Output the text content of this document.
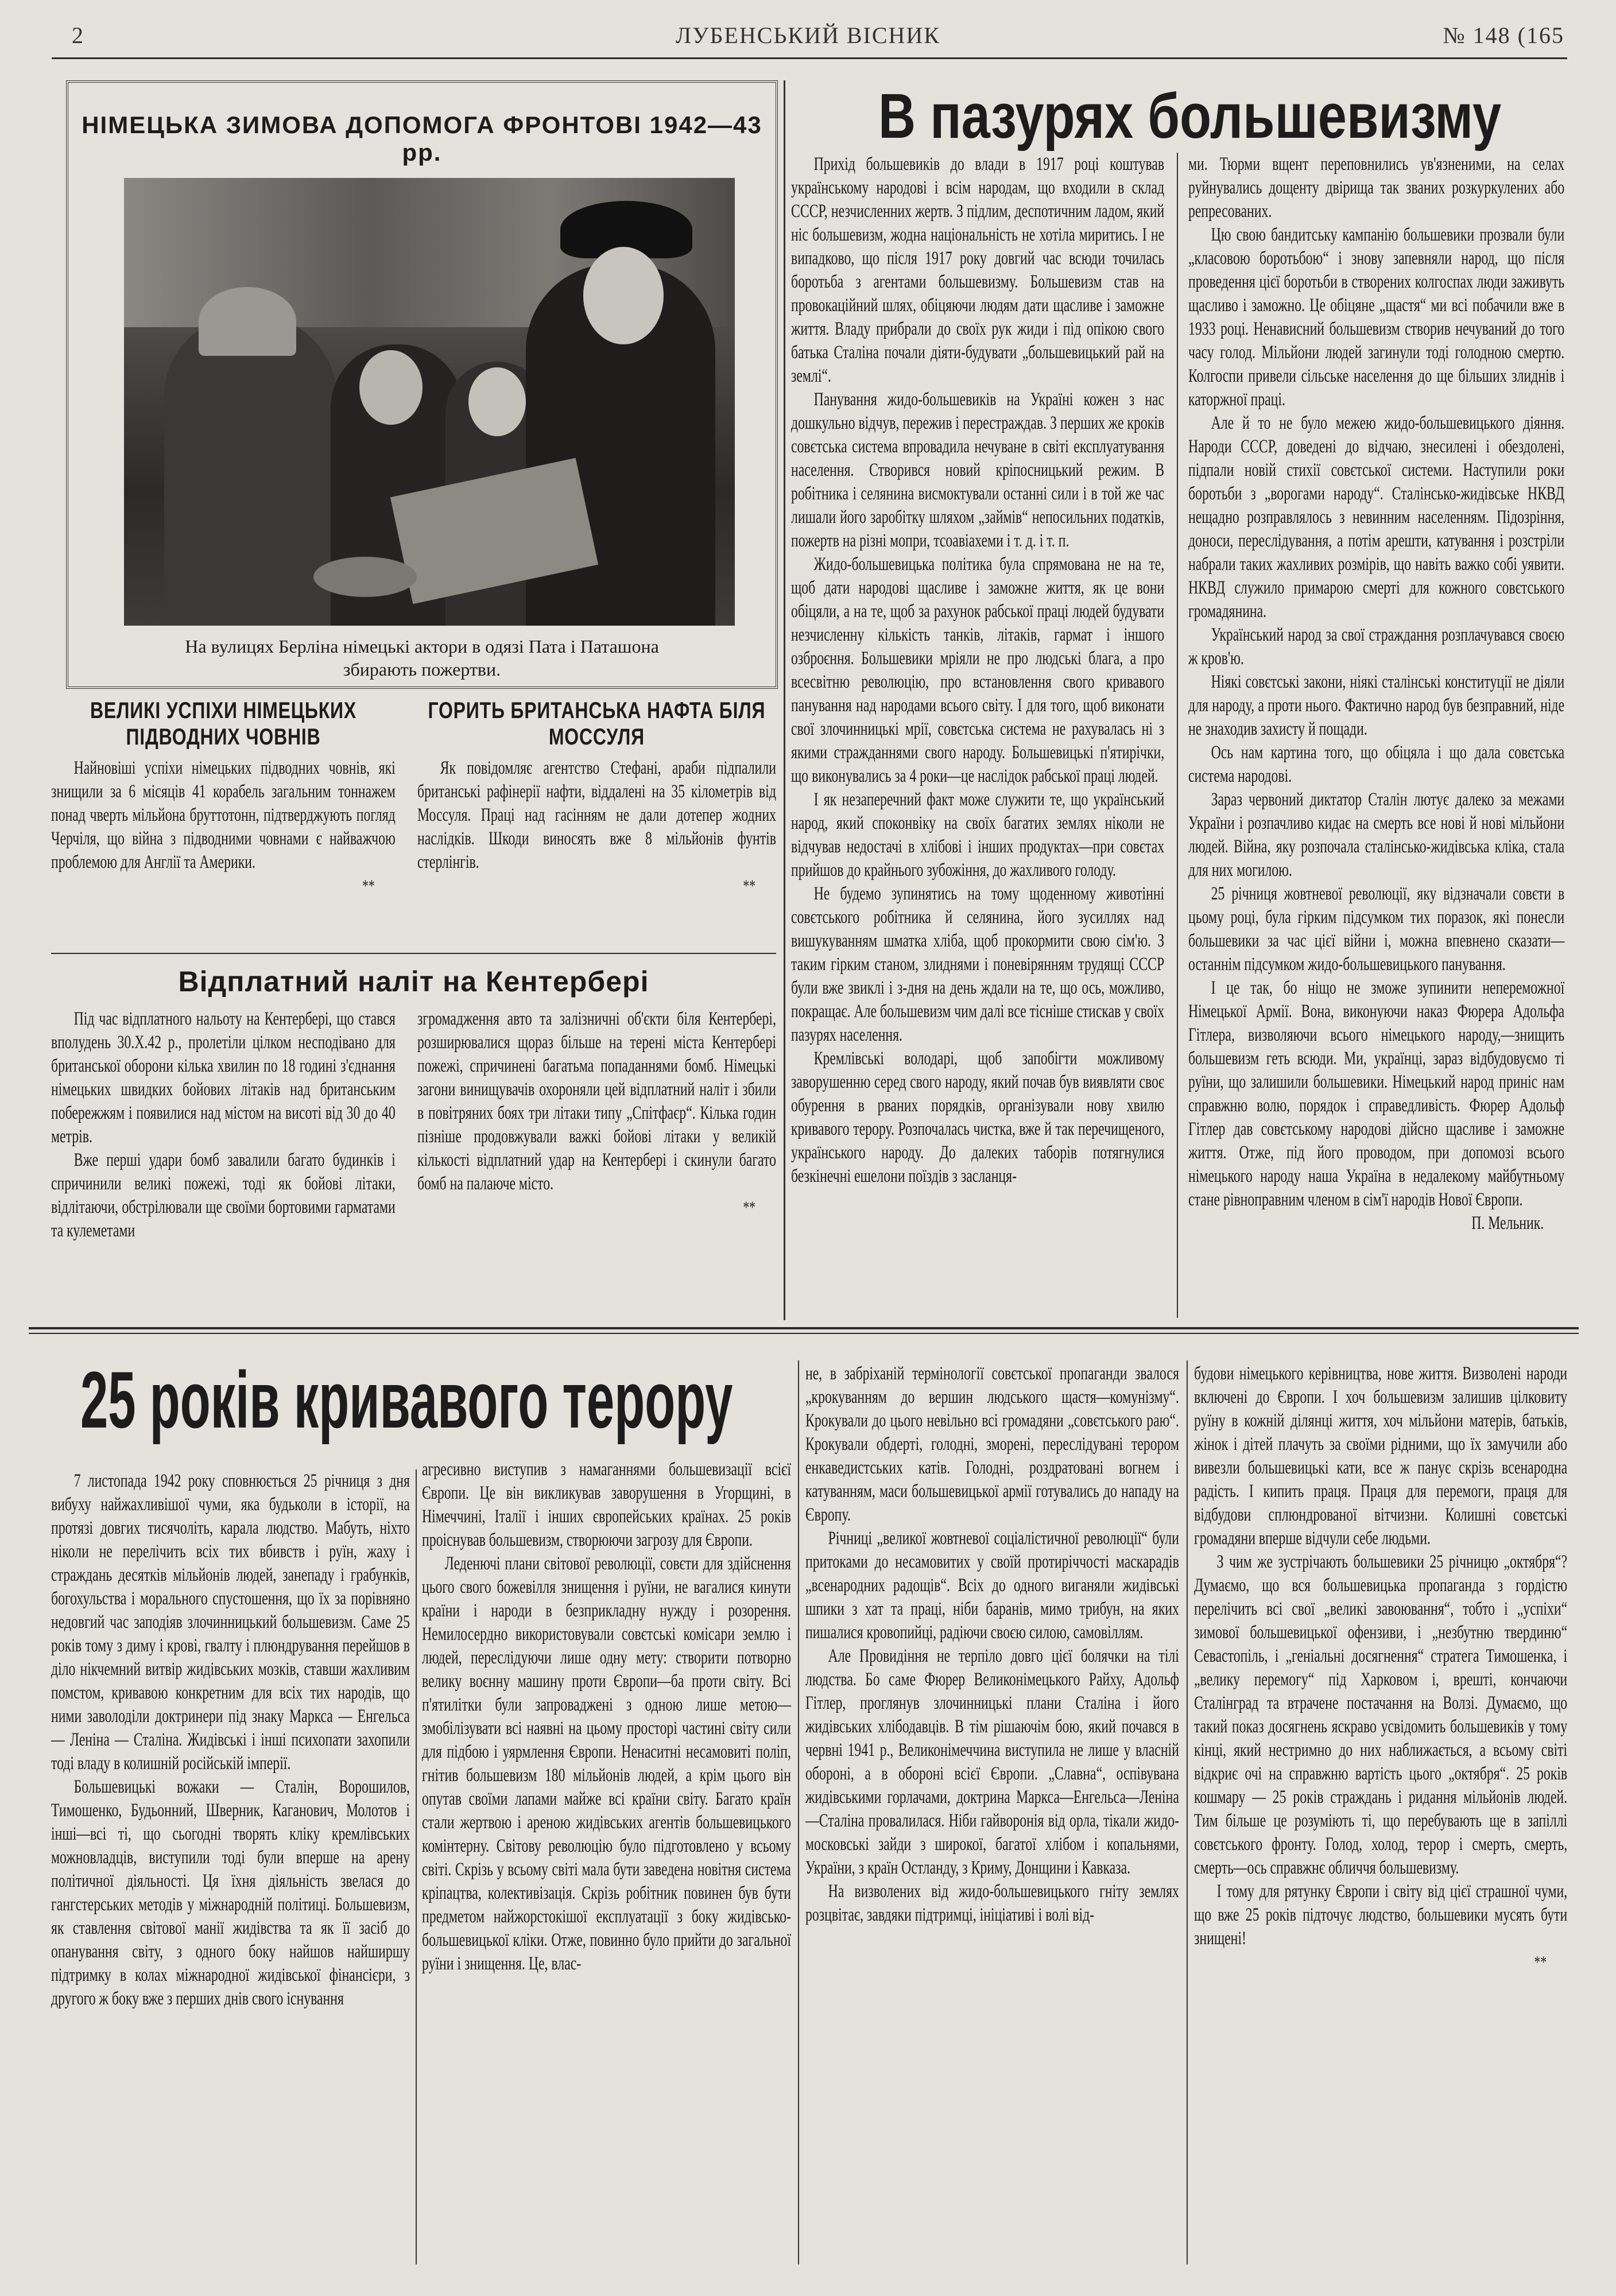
2	ЛУБЕНСЬКИЙ ВІСНИК	№ 148 (165
НІМЕЦЬКА ЗИМОВА ДОПОМОГА ФРОНТОВІ 1942—43 рр.
На вулицях Берліна німецькі актори в одязі Пата і Паташона
збирають пожертви.
ВЕЛИКІ УСПІХИ НІМЕЦЬКИХ ПІДВОДНИХ ЧОВНІВ

Найновіші успіхи німецьких підводних човнів, які знищили за 6 місяців 41 корабель загальним тоннажем понад чверть мільйона бруттотонн, підтверджують погляд Черчіля, що війна з підводними човнами є найважчою проблемою для Англії та Америки.

**
ГОРИТЬ БРИТАНСЬКА НАФТА БІЛЯ МОССУЛЯ

Як повідомляє агентство Стефані, араби підпалили британські рафінерії нафти, віддалені на 35 кілометрів від Моссуля. Праці над гасінням не дали дотепер жодних наслідків. Шкоди виносять вже 8 мільйонів фунтів стерлінгів.

**
Відплатний наліт на Кентербері

Під час відплатного нальоту на Кентербері, що стався вполудень 30.X.42 р., пролетіли цілком несподівано для британської оборони кілька хвилин по 18 годині з'єднання німецьких швидких бойових літаків над британським побережжям і появилися над містом на висоті від 30 до 40 метрів.

Вже перші удари бомб завалили багато будинків і спричинили великі пожежі, тоді як бойові літаки, відлітаючи, обстрілювали ще своїми бортовими гарматами та кулеметами

згромадження авто та залізничні об'єкти біля Кентербері, розширювалися щораз більше на терені міста Кентербері пожежі, спричинені багатьма попаданнями бомб. Німецькі загони винищувачів охороняли цей відплатний наліт і збили в повітряних боях три літаки типу „Спітфаєр“. Кілька годин пізніше продовжували важкі бойові літаки у великій кількості відплатний удар на Кентербері і скинули багато бомб на палаюче місто.

**
В пазурях большевизму

Прихід большевиків до влади в 1917 році коштував українському народові і всім народам, що входили в склад СССР, незчисленних жертв. З підлим, деспотичним ладом, який ніс большевизм, жодна національність не хотіла миритись. І не випадково, що після 1917 року довгий час всюди точилась боротьба з агентами большевизму. Большевизм став на провокаційний шлях, обіцяючи людям дати щасливе і заможне життя. Владу прибрали до своїх рук жиди і під опікою свого батька Сталіна почали діяти-будувати „большевицький рай на землі“.

Панування жидо-большевиків на Україні кожен з нас дошкульно відчув, пережив і перестраждав. З перших же кроків совєтська система впровадила нечуване в світі експлуатування населення. Створився новий кріпосницький режим. В робітника і селянина висмоктували останні сили і в той же час лишали його заробітку шляхом „займів“ непосильних податків, пожертв на різні мопри, тсоавіахеми і т. д. і т. п.

Жидо-большевицька політика була спрямована не на те, щоб дати народові щасливе і заможне життя, як це вони обіцяли, а на те, щоб за рахунок рабської праці людей будувати незчисленну кількість танків, літаків, гармат і іншого озброєння. Большевики мріяли не про людські блага, а про всесвітню революцію, про встановлення свого кривавого панування над народами всього світу. І для того, щоб виконати свої злочинницькі мрії, совєтська система не рахувалась ні з якими стражданнями свого народу. Большевицькі п'ятирічки, що виконувались за 4 роки—це наслідок рабської праці людей.

І як незаперечний факт може служити те, що український народ, який споконвіку на своїх багатих землях ніколи не відчував недостачі в хлібові і інших продуктах—при совєтах прийшов до крайнього зубожіння, до жахливого голоду.

Не будемо зупинятись на тому щоденному животінні совєтського робітника й селянина, його зусиллях над вишукуванням шматка хліба, щоб прокормити свою сім'ю. З таким гірким станом, злиднями і поневірянням трудящі СССР були вже звиклі і з-дня на день ждали на те, що ось, можливо, покращає. Але большевизм чим далі все тісніше стискав у своїх пазурях населення.

Кремлівські володарі, щоб запобігти можливому заворушенню серед свого народу, який почав був виявляти своє обурення в рваних порядків, організували нову хвилю кривавого терору. Розпочалась чистка, вже й так перечищеного, українського народу. До далеких таборів потягнулися безкінечні ешелони поїздів з засланця-

ми. Тюрми вщент переповнились ув'язненими, на селах руйнувались дощенту двірища так званих розкуркулених або репресованих.

Цю свою бандитську кампанію большевики прозвали були „класовою боротьбою“ і знову запевняли народ, що після проведення цієї боротьби в створених колгоспах люди заживуть щасливо і заможно. Це обіцяне „щастя“ ми всі побачили вже в 1933 році. Ненависний большевизм створив нечуваний до того часу голод. Мільйони людей загинули тоді голодною смертю. Колгоспи привели сільське населення до ще більших злиднів і каторжної праці.

Але й то не було межею жидо-большевицького діяння. Народи СССР, доведені до відчаю, знесилені і обездолені, підпали новій стихії совєтської системи. Наступили роки боротьби з „ворогами народу“. Сталінсько-жидівське НКВД нещадно розправлялось з невинним населенням. Підозріння, доноси, переслідування, а потім арешти, катування і розстріли набрали таких жахливих розмірів, що навіть важко собі уявити. НКВД служило примарою смерті для кожного совєтського громадянина.

Український народ за свої страждання розплачувався своєю ж кров'ю.

Ніякі совєтські закони, ніякі сталінські конституції не діяли для народу, а проти нього. Фактично народ був безправний, ніде не знаходив захисту й пощади.

Ось нам картина того, що обіцяла і що дала совєтська система народові.

Зараз червоний диктатор Сталін лютує далеко за межами України і розпачливо кидає на смерть все нові й нові мільйони людей. Війна, яку розпочала сталінсько-жидівська кліка, стала для них могилою.

25 річниця жовтневої революції, яку відзначали совєти в цьому році, була гірким підсумком тих поразок, які понесли большевики за час цієї війни і, можна впевнено сказати—останнім підсумком жидо-большевицького панування.

І це так, бо ніщо не зможе зупинити непереможної Німецької Армії. Вона, виконуючи наказ Фюрера Адольфа Гітлера, визволяючи всього німецького народу,—знищить большевизм геть всюди. Ми, українці, зараз відбудовуємо ті руїни, що залишили большевики. Німецький народ приніс нам справжню волю, порядок і справедливість. Фюрер Адольф Гітлер дав совєтському народові дійсно щасливе і заможне життя. Отже, під його проводом, при допомозі всього німецького народу наша Україна в недалекому майбутньому стане рівноправним членом в сім'ї народів Нової Європи.

П. Мельник.
25 років кривавого терору

7 листопада 1942 року сповнюється 25 річниця з дня вибуху найжахливішої чуми, яка будьколи в історії, на протязі довгих тисячоліть, карала людство. Мабуть, ніхто ніколи не перелічить всіх тих вбивств і руїн, жаху і страждань десятків мільйонів людей, занепаду і грабунків, богохульства і морального спустошення, що їх за порівняно недовгий час заподіяв злочинницький большевизм. Саме 25 років тому з диму і крові, гвалту і плюндрування перейшов в діло нікчемний витвір жидівських мозків, ставши жахливим помстом, кривавою конкретним для всіх тих народів, що ними заволоділи доктринери під знаку Маркса — Енгельса — Леніна — Сталіна. Жидівські і інші психопати захопили тоді владу в колишній російській імперії.

Большевицькі вожаки — Сталін, Ворошилов, Тимошенко, Будьонний, Шверник, Каганович, Молотов і інші—всі ті, що сьогодні творять кліку кремлівських можновладців, виступили тоді були вперше на арену політичної діяльності. Ця їхня діяльність звелася до гангстерських методів у міжнародній політиці. Большевизм, як ставлення світової манії жидівства та як її засіб до опанування світу, з одного боку найшов найширшу підтримку в колах міжнародної жидівської фінансієри, з другого ж боку вже з перших днів свого існування

агресивно виступив з намаганнями большевизації всієї Європи. Це він викликував заворушення в Угорщині, в Німеччині, Італії і інших європейських країнах. 25 років проіснував большевизм, створюючи загрозу для Європи.

Леденючі плани світової революції, совєти для здійснення цього свого божевілля знищення і руїни, не вагалися кинути країни і народи в безприкладну нужду і розорення. Немилосердно використовували совєтські комісари землю і людей, переслідуючи лише одну мету: створити потворно велику воєнну машину проти Європи—ба проти світу. Всі п'ятилітки були запроваджені з одною лише метою—змобілізувати всі наявні на цьому просторі частині світу сили для підбою і уярмлення Європи. Ненаситні несамовиті поліп, гнітив большевизм 180 мільйонів людей, а крім цього він опутав своїми лапами майже всі країни світу. Багато країн стали жертвою і ареною жидівських агентів большевицького комінтерну. Світову революцію було підготовлено у всьому світі. Скрізь у всьому світі мала бути заведена новітня система кріпацтва, колективізація. Скрізь робітник повинен був бути предметом найжорстокішої експлуатації з боку жидівсько-большевицької кліки. Отже, повинно було прийти до загальної руїни і знищення. Це, влас-

не, в забріханій термінології совєтської пропаганди звалося „крокуванням до вершин людського щастя—комунізму“. Крокували до цього невільно всі громадяни „совєтського раю“. Крокували обдерті, голодні, зморені, переслідувані терором енкаведистських катів. Голодні, роздратовані вогнем і катуванням, маси большевицької армії готувались до нападу на Європу.

Річниці „великої жовтневої соціалістичної революції“ були притоками до несамовитих у своїй протиріччості маскарадів „всенародних радощів“. Всіх до одного виганяли жидівські шпики з хат та праці, ніби баранів, мимо трибун, на яких пишалися кровопийці, радіючи своєю силою, самовіллям.

Але Провидіння не терпіло довго цієї болячки на тілі людства. Бо саме Фюрер Великонімецького Райху, Адольф Гітлер, проглянув злочинницькі плани Сталіна і його жидівських хлібодавців. В тім рішаючім бою, який почався в червні 1941 р., Великонімеччина виступила не лише у власній обороні, а в обороні всієї Європи. „Славна“, оспівувана жидівськими горлачами, доктрина Маркса—Енгельса—Леніна—Сталіна провалилася. Ніби гайворонія від орла, тікали жидо-московські зайди з широкої, багатої хлібом і копальнями, України, з країн Остланду, з Криму, Донщини і Кавказа.

На визволених від жидо-большевицького гніту землях розцвітає, завдяки підтримці, ініціативі і волі від-

будови німецького керівництва, нове життя. Визволені народи включені до Європи. І хоч большевизм залишив цілковиту руїну в кожній ділянці життя, хоч мільйони матерів, батьків, жінок і дітей плачуть за своїми рідними, що їх замучили або вивезли большевицькі кати, все ж панує скрізь всенародна радість. І кипить праця. Праця для перемоги, праця для відбудови сплюндрованої вітчизни. Колишні совєтські громадяни вперше відчули себе людьми.

З чим же зустрічають большевики 25 річницю „октября“? Думаємо, що вся большевицька пропаганда з гордістю перелічить всі свої „великі завоювання“, тобто і „успіхи“ зимової большевицької офензиви, і „незбутню твердиню“ Севастопіль, і „геніальні досягнення“ стратега Тимошенка, і „велику перемогу“ під Харковом і, врешті, кончаючи Сталінград та втрачене постачання на Волзі. Думаємо, що такий показ досягнень яскраво усвідомить большевиків у тому кінці, який нестримно до них наближається, а всьому світі відкриє очі на справжню вартість цього „октября“. 25 років кошмару — 25 років страждань і ридання мільйонів людей. Тим більше це розуміють ті, що перебувають ще в запіллі совєтського фронту. Голод, холод, терор і смерть, смерть, смерть—ось справжнє обличчя большевизму.

І тому для рятунку Європи і світу від цієї страшної чуми, що вже 25 років підточує людство, большевики мусять бути знищені!

**
